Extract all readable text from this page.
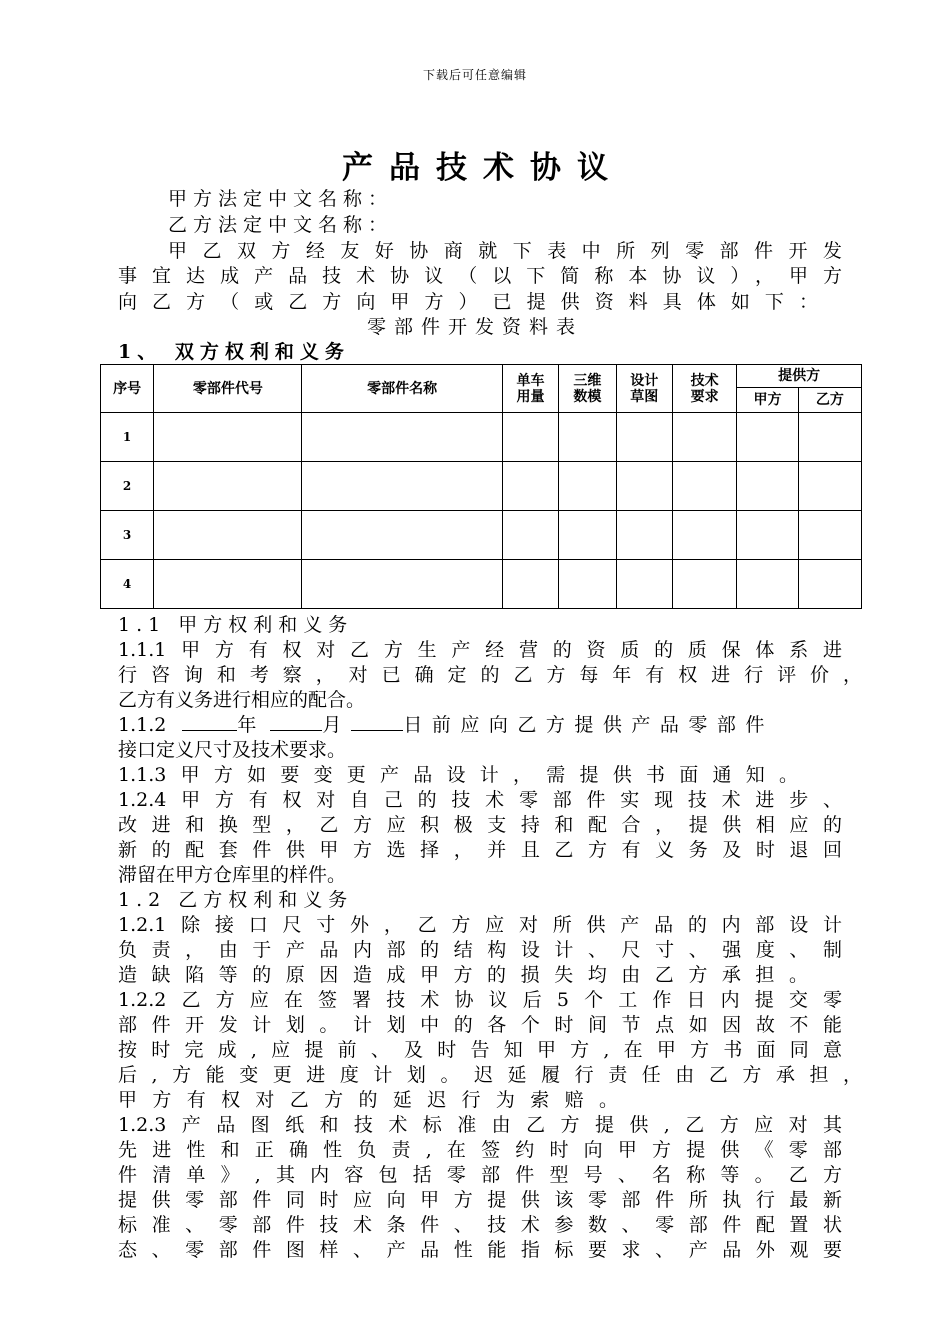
下载后可任意编辑
产品技术协议
甲方法定中文名称：
乙方法定中文名称：
甲乙双方经友好协商就下表中所列零部件开发
事宜达成产品技术协议（以下简称本协议），甲方
向乙方（或乙方向甲方）已提供资料具体如下：
零部件开发资料表
1、 双方权利和义务
序号	零部件代号	零部件名称	单车用量	三维数模	设计草图	技术要求	提供方	
							甲方	乙方
1								
2								
3								
4								
1.1 甲方权利和义务
1.1.1甲方有权对乙方生产经营的资质的质保体系进
行咨询和考察，对已确定的乙方每年有权进行评价，
乙方有义务进行相应的配合。
1.1.2	年	月	日前应向乙方提供产品零部件
接口定义尺寸及技术要求。
1.1.3甲方如要变更产品设计，需提供书面通知。
1.2.4甲方有权对自己的技术零部件实现技术进步、
改进和换型，乙方应积极支持和配合，提供相应的
新的配套件供甲方选择，并且乙方有义务及时退回
滞留在甲方仓库里的样件。
1.2 乙方权利和义务
1.2.1除接口尺寸外，乙方应对所供产品的内部设计
负责，由于产品内部的结构设计、尺寸、强度、制
造缺陷等的原因造成甲方的损失均由乙方承担。
1.2.2乙方应在签署技术协议后5个工作日内提交零
部件开发计划。计划中的各个时间节点如因故不能
按时完成,应提前、及时告知甲方,在甲方书面同意
后,方能变更进度计划。迟延履行责任由乙方承担，
甲方有权对乙方的延迟行为索赔。
1.2.3产品图纸和技术标准由乙方提供,乙方应对其
先进性和正确性负责,在签约时向甲方提供《零部
件清单》,其内容包括零部件型号、名称等。乙方
提供零部件同时应向甲方提供该零部件所执行最新
标准、零部件技术条件、技术参数、零部件配置状
态、零部件图样、产品性能指标要求、产品外观要
